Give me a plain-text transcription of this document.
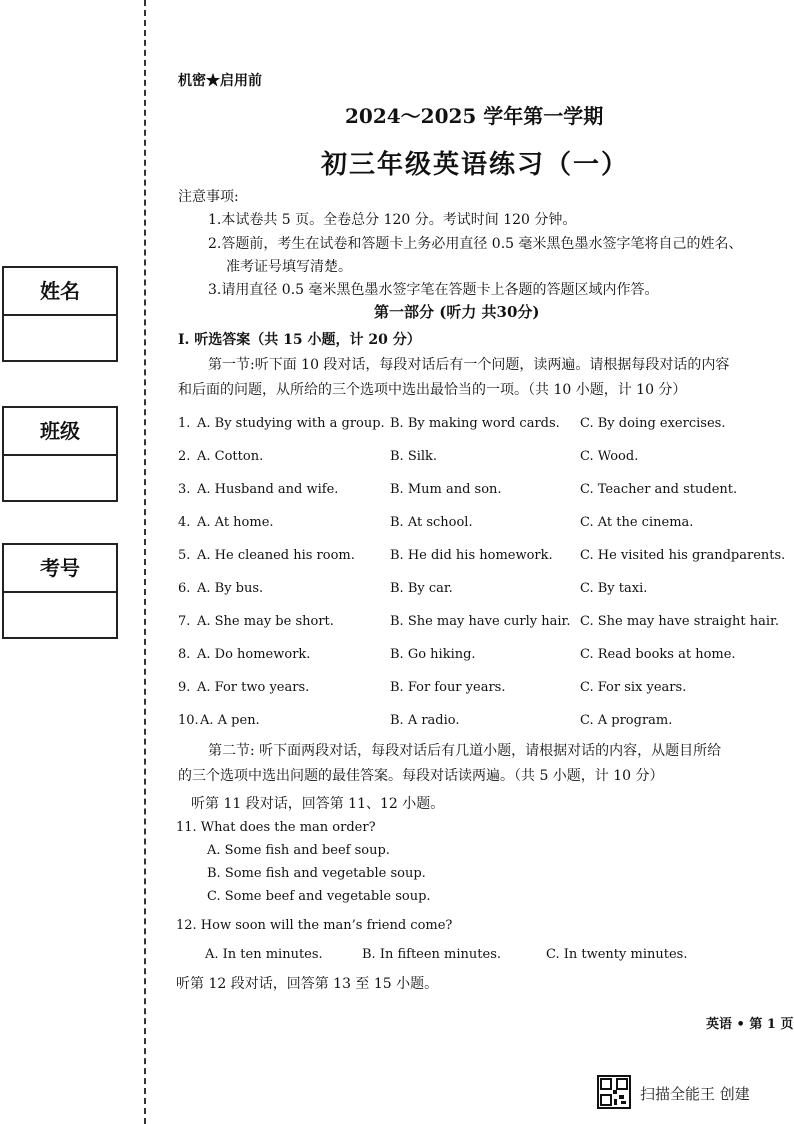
姓名
班级
考号
机密★启用前
2024～2025 学年第一学期
初三年级英语练习（一）
注意事项:
1.本试卷共 5 页。全卷总分 120 分。考试时间 120 分钟。
2.答题前，考生在试卷和答题卡上务必用直径 0.5 毫米黑色墨水签字笔将自己的姓名、
准考证号填写清楚。
3.请用直径 0.5 毫米黑色墨水签字笔在答题卡上各题的答题区域内作答。
第一部分 (听力 共30分)
I. 听选答案（共 15 小题，计 20 分）
第一节:听下面 10 段对话，每段对话后有一个问题，读两遍。请根据每段对话的内容
和后面的问题，从所给的三个选项中选出最恰当的一项。（共 10 小题，计 10 分）
1. A. By studying with a group. B. By making word cards. C. By doing exercises.
2. A. Cotton.	B. Silk.	C. Wood.
3. A. Husband and wife.	B. Mum and son.	C. Teacher and student.
4. A. At home.	B. At school.	C. At the cinema.
5. A. He cleaned his room.	B. He did his homework. C. He visited his grandparents.
6. A. By bus.	B. By car.	C. By taxi.
7. A. She may be short.	B. She may have curly hair. C. She may have straight hair.
8. A. Do homework.	B. Go hiking.	C. Read books at home.
9. A. For two years.	B. For four years.	C. For six years.
10. A. A pen.	B. A radio.	C. A program.
第二节: 听下面两段对话，每段对话后有几道小题，请根据对话的内容，从题目所给
的三个选项中选出问题的最佳答案。每段对话读两遍。（共 5 小题，计 10 分）
听第 11 段对话，回答第 11、12 小题。
11. What does the man order?
A. Some fish and beef soup.
B. Some fish and vegetable soup.
C. Some beef and vegetable soup.
12. How soon will the man’s friend come?
A. In ten minutes.	B. In fifteen minutes.	C. In twenty minutes.
听第 12 段对话，回答第 13 至 15 小题。
英语 • 第 1 页
扫描全能王 创建
